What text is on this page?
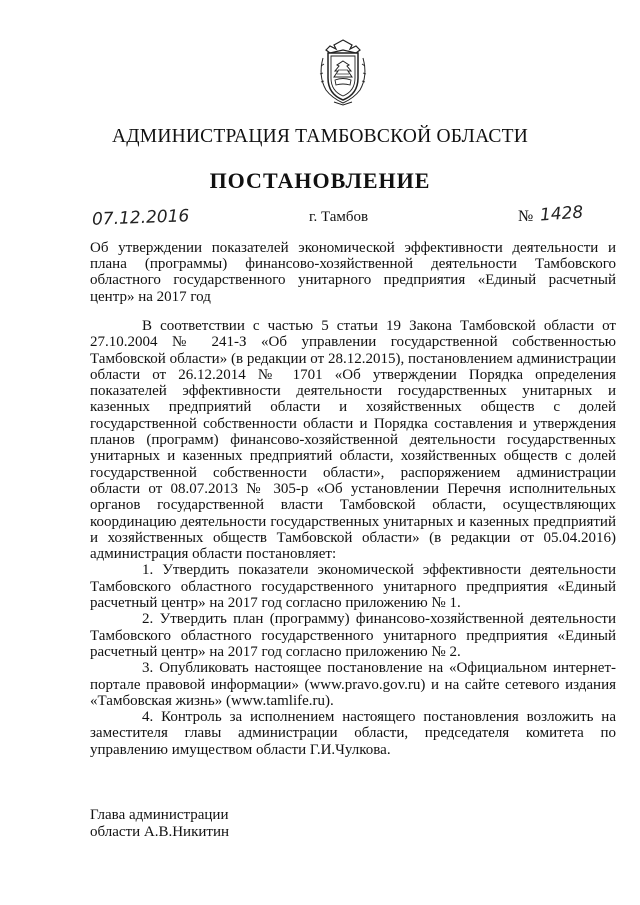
АДМИНИСТРАЦИЯ ТАМБОВСКОЙ ОБЛАСТИ
ПОСТАНОВЛЕНИЕ
07.12.2016	г. Тамбов	№ 1428
Об утверждении показателей экономической эффективности деятельности и плана (программы) финансово-хозяйственной деятельности Тамбовского областного государственного унитарного предприятия «Единый расчетный центр» на 2017 год

В соответствии с частью 5 статьи 19 Закона Тамбовской области от 27.10.2004 № 241-З «Об управлении государственной собственностью Тамбовской области» (в редакции от 28.12.2015), постановлением администрации области от 26.12.2014 № 1701 «Об утверждении Порядка определения показателей эффективности деятельности государственных унитарных и казенных предприятий области и хозяйственных обществ с долей государственной собственности области и Порядка составления и утверждения планов (программ) финансово-хозяйственной деятельности государственных унитарных и казенных предприятий области, хозяйственных обществ с долей государственной собственности области», распоряжением администрации области от 08.07.2013 № 305-р «Об установлении Перечня исполнительных органов государственной власти Тамбовской области, осуществляющих координацию деятельности государственных унитарных и казенных предприятий и хозяйственных обществ Тамбовской области» (в редакции от 05.04.2016) администрация области постановляет:

1. Утвердить показатели экономической эффективности деятельности Тамбовского областного государственного унитарного предприятия «Единый расчетный центр» на 2017 год согласно приложению № 1.

2. Утвердить план (программу) финансово-хозяйственной деятельности Тамбовского областного государственного унитарного предприятия «Единый расчетный центр» на 2017 год согласно приложению № 2.

3. Опубликовать настоящее постановление на «Официальном интернет-портале правовой информации» (www.pravo.gov.ru) и на сайте сетевого издания «Тамбовская жизнь» (www.tamlife.ru).

4. Контроль за исполнением настоящего постановления возложить на заместителя главы администрации области, председателя комитета по управлению имуществом области Г.И.Чулкова.

Глава администрации
области А.В.Никитин
